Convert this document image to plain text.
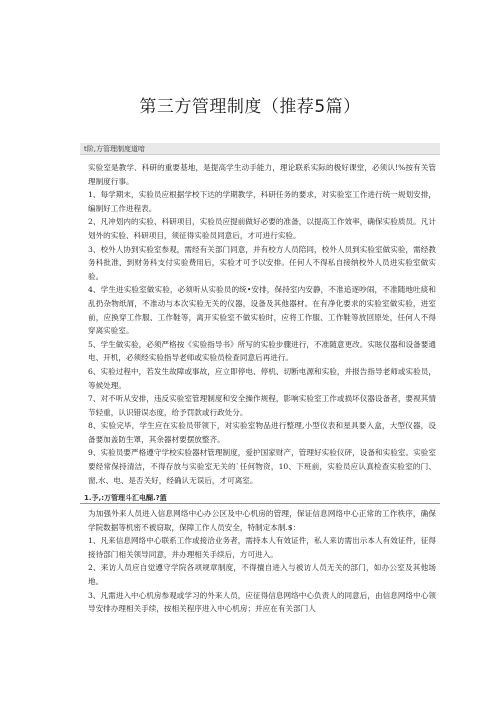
第三方管理制度（推荐5篇）
t阶,方管理制度道喑

实验室是教学、科研的重要基地，是提高学生动手能力，理论联系实际的极好课堂，必须认!%按有关管理制度行事。

1、每学期末，实验员应根据学校下达的学期教学，科研任务的要求，对实验室工作进行统一规划安排，编制好工作进程表。

2、凡冲划内的实验、科研项目，实验员应提前做好必要的准备，以提高工作效率，确保实验质员。凡计划外的实验、科研项目，须征得实验员同意后，才可进行实验。

3、校外人协到实验室参观，需经有关部门同意，并有校方人员陪同，校外人员到实验室做实验，需经教务科批准，到财务科支付实验费用后，实验才可予以安排。任何人不得私自接纳校外人员进实验室做实验。

4、学生进实验室做实验，必须听从实验员的统•安排，保持室内安静，不准追逐吵闹，不准随地吐痰和乱扔杂物纸屑，不准动与本次实验无关的仪器，设备及其他器材。在有净化要求的实验室做实验，进室前，应换穿工作服、工作鞋等，离开实验室不做实验时，应将工作服、工作鞋等放回原处，任何人不得穿离实验室。

5、学生做实验，必须严格按《实验指导书》所写的实验步骤进行，不准随意更改。实眩仪器和设备要通电、开机，必须经实验指导老师或实验员检查同意后再进行。

6、实验过程中，若发生故障或事故，应立即停电、停机、切断电源和实验，并报告指导老师或实验员，等候处理。

7、对不听从安排，违反实验室管理制度和安全操作规程，影响实验室工作或损坏仪器设备者，要视其情节轻重，认识错误态度，给予罚款或行政处分。

8、实验完毕，学生应在实验员带领下，对实验室物品进行整理,小型仪表和星具要入盒，大型仪器，设备要加盖防生罩，其余器材要摆放整齐。

9、实验员要严格遵守学校实验器材管理制度，爱护国家财产，管理好实验仪砰，设备和实验室。实验室要经常保持清洁，不得存放与实验室无关的`任何物资，10、下班前，实验员应认真检查实验室的门、窗,水、电、是否关好，经确认无误后，才可离室。

1.予,:万管理斗汇电醐.?篮

为加强外来人员进入信息网络中心办公区及中心机房的管理，保证信息网络中心正常的工作秩序，确保学院数据等机密不被窃取，保障工作人员安全，特制定本制.$：

1、凡来信息网络中心联系工作或接洽业务者，需持本人有效证件，私人来访需出示本人有效证件，征得接待部门相关领导同意，并办理相关手续后，方可进入。

2、来访人员应自觉遵守学院各项规章制度，不得擅自进入与被访人员无关的部门，如办公室及其他场地。

3、凡需进入中心机房参观或学习的外来人员，应征得信息网络中心负责人的同意后，由信息网络中心领导安排办理相关手续，按相关程序进入中心机房；并应在有关部门人
